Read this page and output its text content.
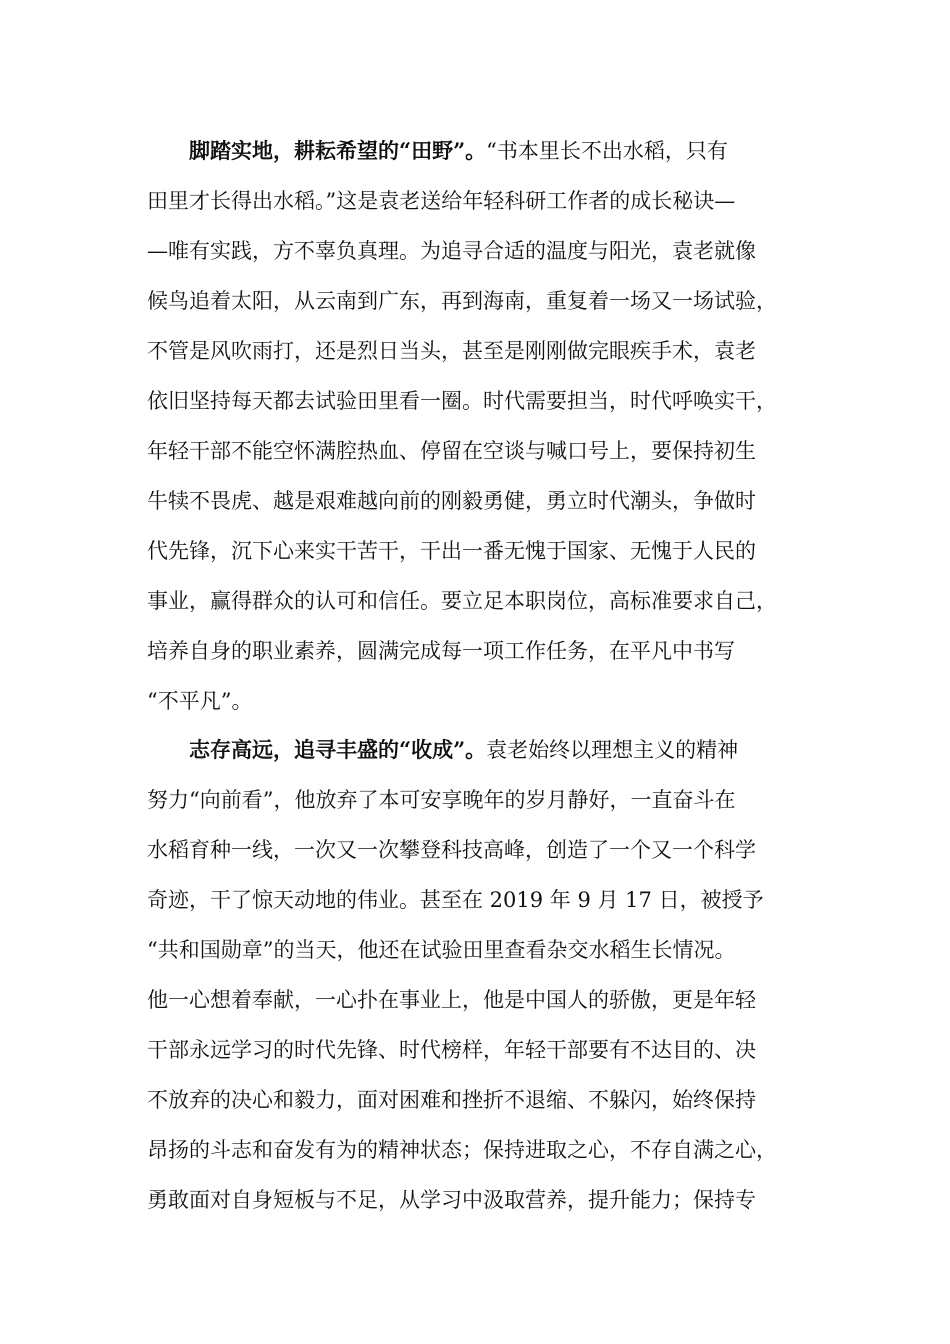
脚踏实地，耕耘希望的“田野”。“书本里长不出水稻，只有
田里才长得出水稻。”这是袁老送给年轻科研工作者的成长秘诀—
—唯有实践，方不辜负真理。为追寻合适的温度与阳光，袁老就像
候鸟追着太阳，从云南到广东，再到海南，重复着一场又一场试验，
不管是风吹雨打，还是烈日当头，甚至是刚刚做完眼疾手术，袁老
依旧坚持每天都去试验田里看一圈。时代需要担当，时代呼唤实干，
年轻干部不能空怀满腔热血、停留在空谈与喊口号上，要保持初生
牛犊不畏虎、越是艰难越向前的刚毅勇健，勇立时代潮头，争做时
代先锋，沉下心来实干苦干，干出一番无愧于国家、无愧于人民的
事业，赢得群众的认可和信任。要立足本职岗位，高标准要求自己，
培养自身的职业素养，圆满完成每一项工作任务，在平凡中书写
“不平凡”。
志存高远，追寻丰盛的“收成”。袁老始终以理想主义的精神
努力“向前看”，他放弃了本可安享晚年的岁月静好，一直奋斗在
水稻育种一线，一次又一次攀登科技高峰，创造了一个又一个科学
奇迹，干了惊天动地的伟业。甚至在 2019 年 9 月 17 日，被授予
“共和国勋章”的当天，他还在试验田里查看杂交水稻生长情况。
他一心想着奉献，一心扑在事业上，他是中国人的骄傲，更是年轻
干部永远学习的时代先锋、时代榜样，年轻干部要有不达目的、决
不放弃的决心和毅力，面对困难和挫折不退缩、不躲闪，始终保持
昂扬的斗志和奋发有为的精神状态；保持进取之心，不存自满之心，
勇敢面对自身短板与不足，从学习中汲取营养，提升能力；保持专
